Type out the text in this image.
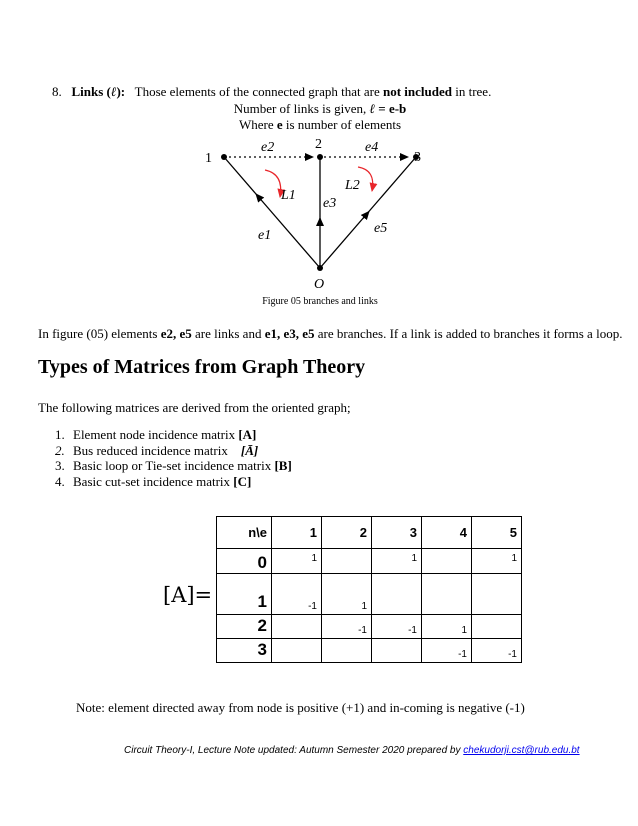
8. Links (ℓ): Those elements of the connected graph that are not included in tree.
Number of links is given, ℓ = e-b
Where e is number of elements
1
2
3
O
e1
e2
e3
e4
e5
L1
L2
Figure 05 branches and links
In figure (05) elements e2, e5 are links and e1, e3, e5 are branches. If a link is added to branches it forms a loop.
Types of Matrices from Graph Theory
The following matrices are derived from the oriented graph;
1. Element node incidence matrix [A]
2. Bus reduced incidence matrix [Ā]
3. Basic loop or Tie-set incidence matrix [B]
4. Basic cut-set incidence matrix [C]
[A]=
n\e	1	2	3	4	5
0	1		1		1
1	-1	1			
2		-1	-1	1	
3				-1	-1
Note: element directed away from node is positive (+1) and in-coming is negative (-1)
Circuit Theory-I, Lecture Note updated: Autumn Semester 2020 prepared by chekudorji.cst@rub.edu.bt
